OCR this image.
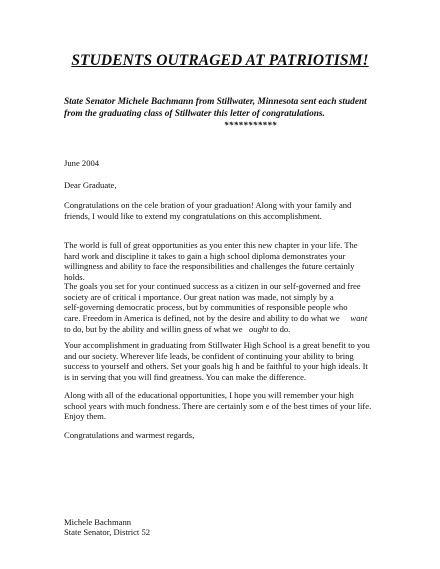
STUDENTS OUTRAGED AT PATRIOTISM!

State Senator Michele Bachmann from Stillwater, Minnesota sent each student
from the graduating class of Stillwater this letter of congratulations.

***********

June 2004

Dear Graduate,

Congratulations on the cele bration of your graduation! Along with your family and
friends, I would like to extend my congratulations on this accomplishment.

The world is full of great opportunities as you enter this new chapter in your life. The
hard work and discipline it takes to gain a high school diploma demonstrates your
willingness and ability to face the responsibilities and challenges the future certainly
holds.

The goals you set for your continued success as a citizen in our self-governed and free
society are of critical i mportance. Our great nation was made, not simply by a
self-governing democratic process, but by communities of responsible people who
care. Freedom in America is defined, not by the desire and ability to do what we want
to do, but by the ability and willin gness of what we ought to do.

Your accomplishment in graduating from Stillwater High School is a great benefit to you
and our society. Wherever life leads, be confident of continuing your ability to bring
success to yourself and others. Set your goals hig h and be faithful to your high ideals. It
is in serving that you will find greatness. You can make the difference.

Along with all of the educational opportunities, I hope you will remember your high
school years with much fondness. There are certainly som e of the best times of your life.
Enjoy them.

Congratulations and warmest regards,

Michele Bachmann

State Senator, District 52
